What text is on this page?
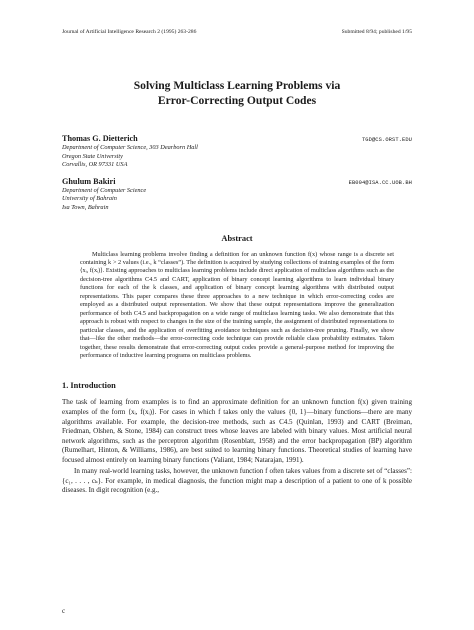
Journal of Artificial Intelligence Research 2 (1995) 263-286	Submitted 8/94; published 1/95
Solving Multiclass Learning Problems via
Error-Correcting Output Codes
Thomas G. Dietterich	TGD@CS.ORST.EDU
Department of Computer Science, 303 Dearborn Hall
Oregon State University
Corvallis, OR 97331 USA
Ghulum Bakiri	EB004@ISA.CC.UOB.BH
Department of Computer Science
University of Bahrain
Isa Town, Bahrain
Abstract
Multiclass learning problems involve finding a definition for an unknown function f(x) whose range is a discrete set containing k > 2 values (i.e., k “classes”). The definition is acquired by studying collections of training examples of the form ⟨xᵢ, f(xᵢ)⟩. Existing approaches to multiclass learning problems include direct application of multiclass algorithms such as the decision-tree algorithms C4.5 and CART, application of binary concept learning algorithms to learn individual binary functions for each of the k classes, and application of binary concept learning algorithms with distributed output representations. This paper compares these three approaches to a new technique in which error-correcting codes are employed as a distributed output representation. We show that these output representations improve the generalization performance of both C4.5 and backpropagation on a wide range of multiclass learning tasks. We also demonstrate that this approach is robust with respect to changes in the size of the training sample, the assignment of distributed representations to particular classes, and the application of overfitting avoidance techniques such as decision-tree pruning. Finally, we show that—like the other methods—the error-correcting code technique can provide reliable class probability estimates. Taken together, these results demonstrate that error-correcting output codes provide a general-purpose method for improving the performance of inductive learning programs on multiclass problems.
1. Introduction

The task of learning from examples is to find an approximate definition for an unknown function f(x) given training examples of the form ⟨xᵢ, f(xᵢ)⟩. For cases in which f takes only the values {0, 1}—binary functions—there are many algorithms available. For example, the decision-tree methods, such as C4.5 (Quinlan, 1993) and CART (Breiman, Friedman, Olshen, & Stone, 1984) can construct trees whose leaves are labeled with binary values. Most artificial neural network algorithms, such as the perceptron algorithm (Rosenblatt, 1958) and the error backpropagation (BP) algorithm (Rumelhart, Hinton, & Williams, 1986), are best suited to learning binary functions. Theoretical studies of learning have focused almost entirely on learning binary functions (Valiant, 1984; Natarajan, 1991).

In many real-world learning tasks, however, the unknown function f often takes values from a discrete set of “classes”: {c₁, . . . , cₖ}. For example, in medical diagnosis, the function might map a description of a patient to one of k possible diseases. In digit recognition (e.g.,

c
